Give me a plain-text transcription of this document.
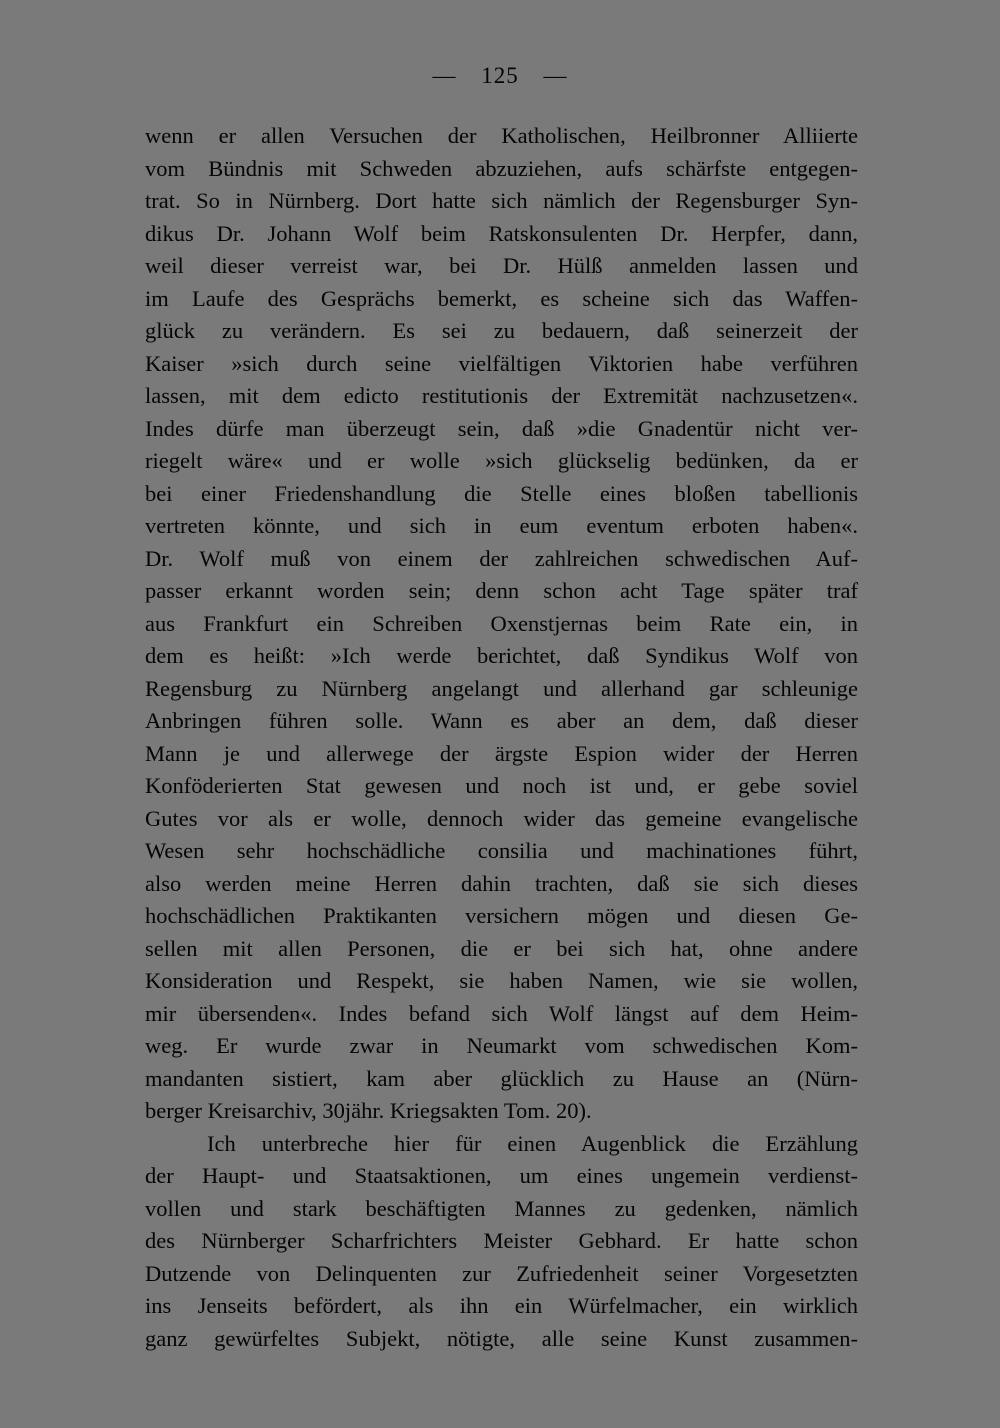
— 125 —
wenn er allen Versuchen der Katholischen, Heilbronner Alliierte
vom Bündnis mit Schweden abzuziehen, aufs schärfste entgegen-
trat. So in Nürnberg. Dort hatte sich nämlich der Regensburger Syn-
dikus Dr. Johann Wolf beim Ratskonsulenten Dr. Herpfer, dann,
weil dieser verreist war, bei Dr. Hülß anmelden lassen und
im Laufe des Gesprächs bemerkt, es scheine sich das Waffen-
glück zu verändern. Es sei zu bedauern, daß seinerzeit der
Kaiser »sich durch seine vielfältigen Viktorien habe verführen
lassen, mit dem edicto restitutionis der Extremität nachzusetzen«.
Indes dürfe man überzeugt sein, daß »die Gnadentür nicht ver-
riegelt wäre« und er wolle »sich glückselig bedünken, da er
bei einer Friedenshandlung die Stelle eines bloßen tabellionis
vertreten könnte, und sich in eum eventum erboten haben«.
Dr. Wolf muß von einem der zahlreichen schwedischen Auf-
passer erkannt worden sein; denn schon acht Tage später traf
aus Frankfurt ein Schreiben Oxenstjernas beim Rate ein, in
dem es heißt: »Ich werde berichtet, daß Syndikus Wolf von
Regensburg zu Nürnberg angelangt und allerhand gar schleunige
Anbringen führen solle. Wann es aber an dem, daß dieser
Mann je und allerwege der ärgste Espion wider der Herren
Konföderierten Stat gewesen und noch ist und, er gebe soviel
Gutes vor als er wolle, dennoch wider das gemeine evangelische
Wesen sehr hochschädliche consilia und machinationes führt,
also werden meine Herren dahin trachten, daß sie sich dieses
hochschädlichen Praktikanten versichern mögen und diesen Ge-
sellen mit allen Personen, die er bei sich hat, ohne andere
Konsideration und Respekt, sie haben Namen, wie sie wollen,
mir übersenden«. Indes befand sich Wolf längst auf dem Heim-
weg. Er wurde zwar in Neumarkt vom schwedischen Kom-
mandanten sistiert, kam aber glücklich zu Hause an (Nürn-
berger Kreisarchiv, 30jähr. Kriegsakten Tom. 20).
Ich unterbreche hier für einen Augenblick die Erzählung
der Haupt- und Staatsaktionen, um eines ungemein verdienst-
vollen und stark beschäftigten Mannes zu gedenken, nämlich
des Nürnberger Scharfrichters Meister Gebhard. Er hatte schon
Dutzende von Delinquenten zur Zufriedenheit seiner Vorgesetzten
ins Jenseits befördert, als ihn ein Würfelmacher, ein wirklich
ganz gewürfeltes Subjekt, nötigte, alle seine Kunst zusammen-
